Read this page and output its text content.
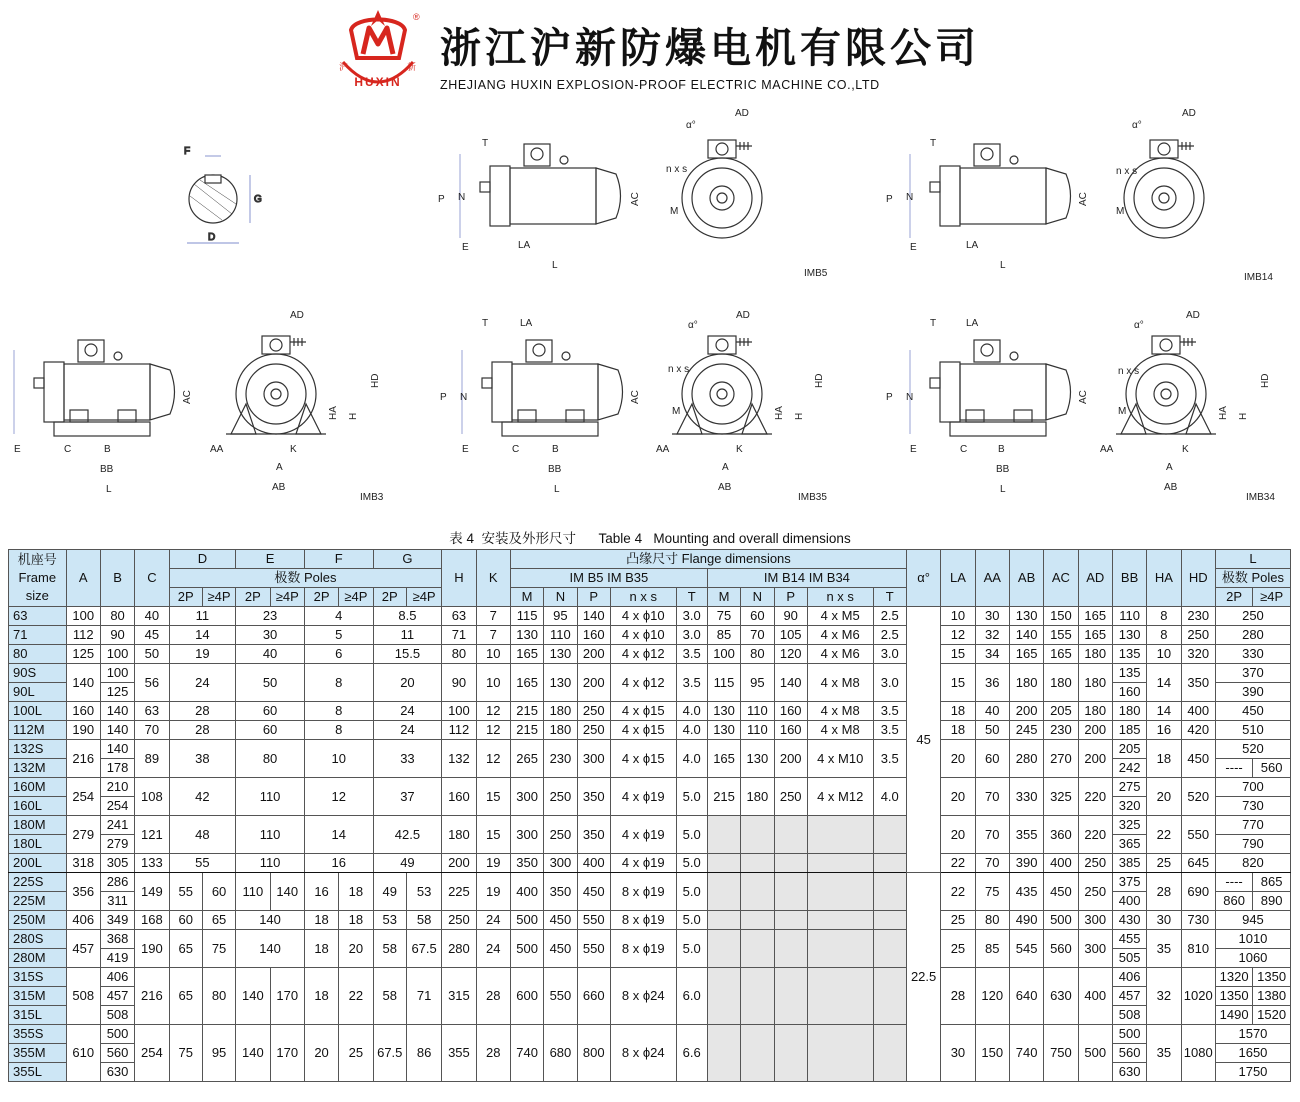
沪	新
HUXIN
®
浙江沪新防爆电机有限公司
ZHEJIANG HUXIN EXPLOSION-PROOF ELECTRIC MACHINE CO.,LTD
F
G
D
T
P N
E	LA
L
AC
AD
α°
n x s
M
IMB5
T
P N
E	LA
L
AC
AD
α°
n x s
M
IMB14
E	C	B
BB
L
AC
AD
AA	K
A
AB
HA H
HD
IMB3
T	LA
P N
E	C	B
BB
L
AC
AD
α°
n x s
M
AA	K
A
AB
HA H
HD
IMB35
T	LA
P N
E	C	B
BB
L
AC
AD
α°
n x s
M
AA	K
A
AB
HA H
HD
IMB34
表 4  安装及外形尺寸      Table 4   Mounting and overall dimensions
机座号
Frame
size	A	B	C	D		E		F		G		H	K	凸缘尺寸 Flange dimensions										α°	LA	AA	AB	AC	AD	BB	HA	HD	L	
				极数 Poles										IM B5 IM B35					IM B14 IM B34														极数 Poles	
				2P	≥4P	2P	≥4P	2P	≥4P	2P	≥4P			M	N	P	n x s	T	M	N	P	n x s	T										2P	≥4P
63	100	80	40	11		23		4		8.5		63	7	115	95	140	4 x ϕ10	3.0	75	60	90	4 x M5	2.5	45	10	30	130	150	165	110	8	230	250	
71	112	90	45	14		30		5		11		71	7	130	110	160	4 x ϕ10	3.0	85	70	105	4 x M6	2.5		12	32	140	155	165	130	8	250	280	
80	125	100	50	19		40		6		15.5		80	10	165	130	200	4 x ϕ12	3.5	100	80	120	4 x M6	3.0		15	34	165	165	180	135	10	320	330	
90S	140	100	56	24		50		8		20		90	10	165	130	200	4 x ϕ12	3.5	115	95	140	4 x M8	3.0		15	36	180	180	180	135	14	350	370	
90L		125																												160			390	
100L	160	140	63	28		60		8		24		100	12	215	180	250	4 x ϕ15	4.0	130	110	160	4 x M8	3.5		18	40	200	205	180	180	14	400	450	
112M	190	140	70	28		60		8		24		112	12	215	180	250	4 x ϕ15	4.0	130	110	160	4 x M8	3.5		18	50	245	230	200	185	16	420	510	
132S	216	140	89	38		80		10		33		132	12	265	230	300	4 x ϕ15	4.0	165	130	200	4 x M10	3.5		20	60	280	270	200	205	18	450	520	
132M		178																												242			----	560
160M	254	210	108	42		110		12		37		160	15	300	250	350	4 x ϕ19	5.0	215	180	250	4 x M12	4.0		20	70	330	325	220	275	20	520	700	
160L		254																												320			730	
180M	279	241	121	48		110		14		42.5		180	15	300	250	350	4 x ϕ19	5.0							20	70	355	360	220	325	22	550	770	
180L		279																												365			790	
200L	318	305	133	55		110		16		49		200	19	350	300	400	4 x ϕ19	5.0							22	70	390	400	250	385	25	645	820	
225S	356	286	149	55	60	110	140	16	18	49	53	225	19	400	350	450	8 x ϕ19	5.0						22.5	22	75	435	450	250	375	28	690	----	865
225M		311																												400			860	890
250M	406	349	168	60	65	140		18	18	53	58	250	24	500	450	550	8 x ϕ19	5.0							25	80	490	500	300	430	30	730	945	
280S	457	368	190	65	75	140		18	20	58	67.5	280	24	500	450	550	8 x ϕ19	5.0							25	85	545	560	300	455	35	810	1010	
280M		419																												505			1060	
315S	508	406	216	65	80	140	170	18	22	58	71	315	28	600	550	660	8 x ϕ24	6.0							28	120	640	630	400	406	32	1020	1320	1350
315M		457																												457			1350	1380
315L		508																												508			1490	1520
355S	610	500	254	75	95	140	170	20	25	67.5	86	355	28	740	680	800	8 x ϕ24	6.6							30	150	740	750	500	500	35	1080	1570	
355M		560																												560			1650	
355L		630																												630			1750	
